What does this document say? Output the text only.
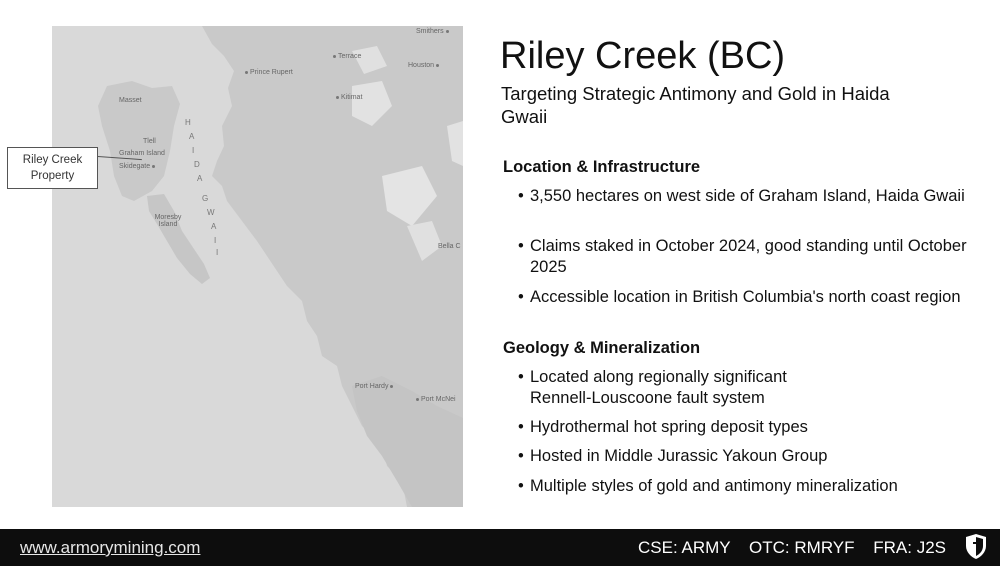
Smithers
Terrace
Houston
Prince Rupert
Masset	Kitimat
Tlell
Graham Island
Skidegate
Moresby Island
Bella C
Port Hardy
Port McNei
H
A
I
D
A
G
W
A
I
I
Riley Creek
Property
Riley Creek (BC)
Targeting Strategic Antimony and Gold in Haida Gwaii
Location & Infrastructure
• 3,550 hectares on west side of Graham Island, Haida Gwaii
• Claims staked in October 2024, good standing until October 2025
• Accessible location in British Columbia's north coast region
Geology & Mineralization
• Located along regionally significant Rennell-Louscoone fault system
• Hydrothermal hot spring deposit types
• Hosted in Middle Jurassic Yakoun Group
• Multiple styles of gold and antimony mineralization
www.armorymining.com	CSE: ARMY OTC: RMRYF FRA: J2S
